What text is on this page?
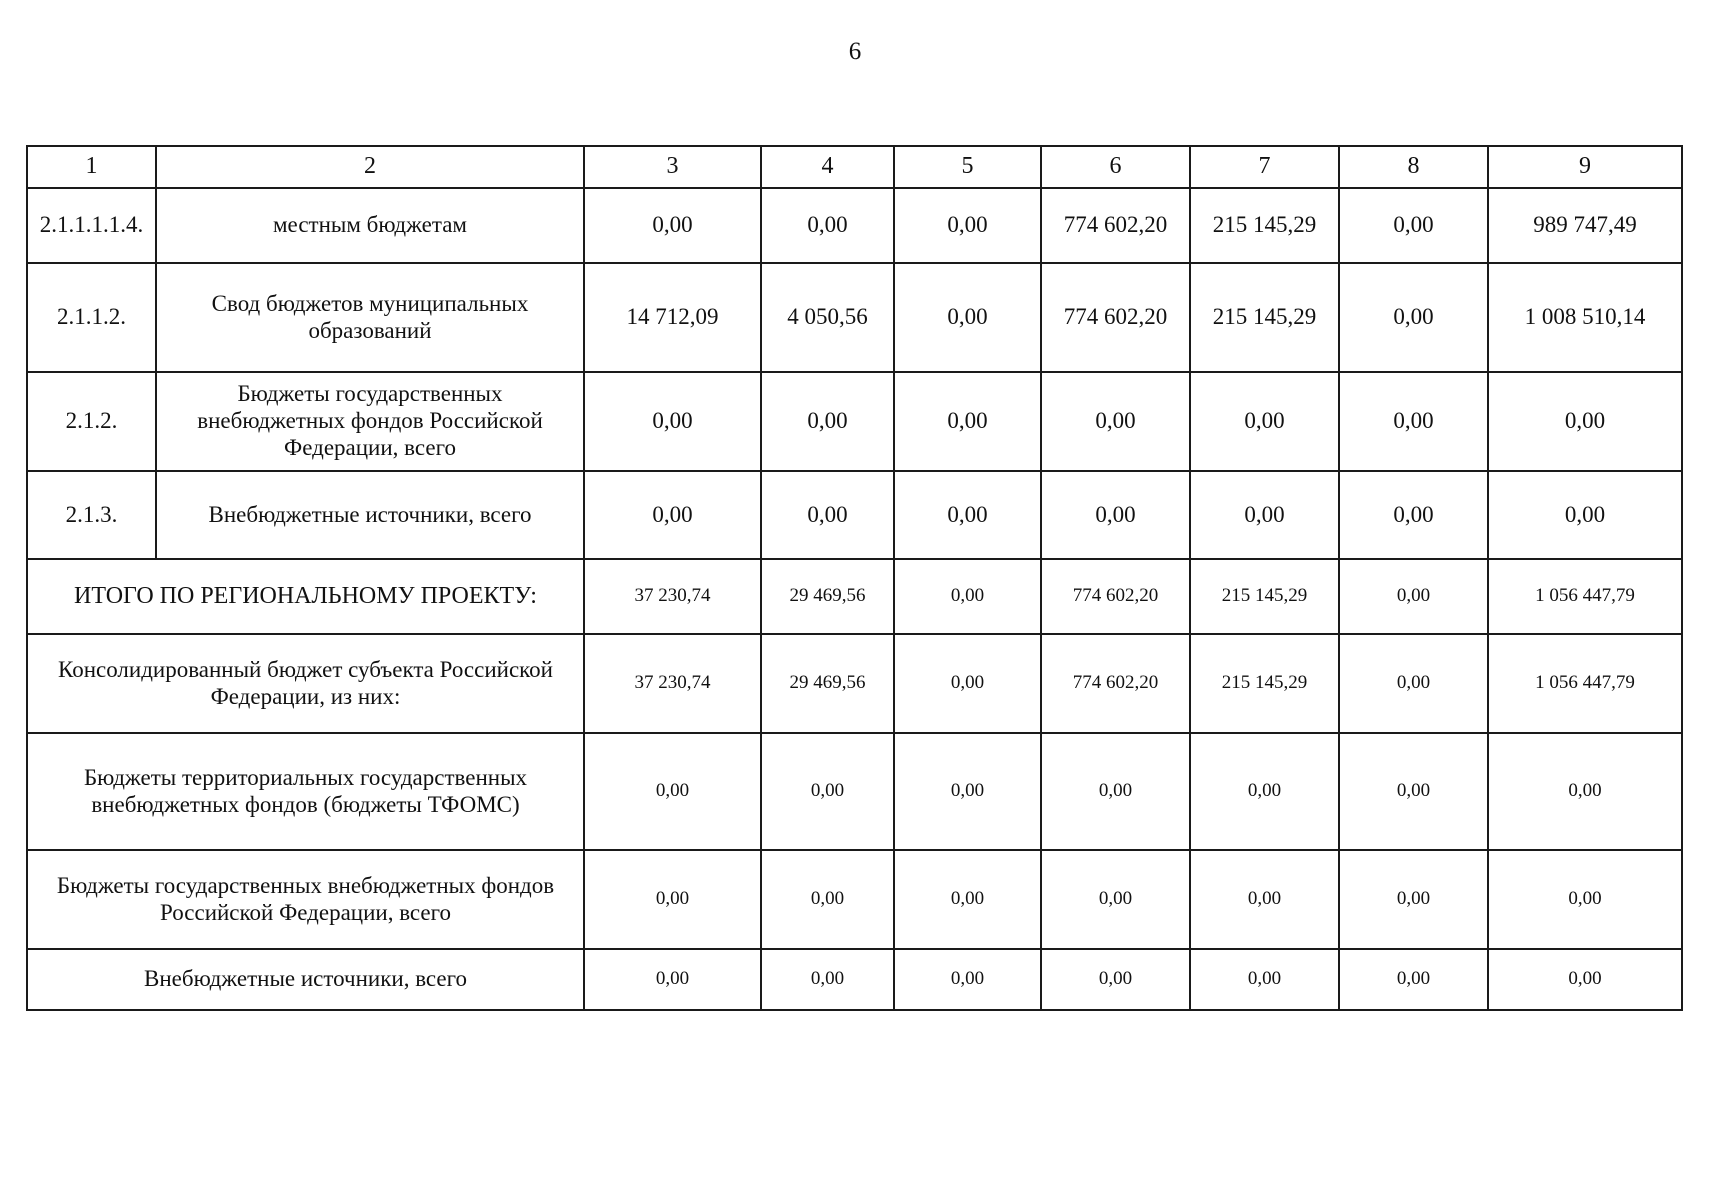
6
1	2	3	4	5	6	7	8	9
2.1.1.1.1.4.	местным бюджетам	0,00	0,00	0,00	774 602,20	215 145,29	0,00	989 747,49
2.1.1.2.	Свод бюджетов муниципальных образований	14 712,09	4 050,56	0,00	774 602,20	215 145,29	0,00	1 008 510,14
2.1.2.	Бюджеты государственных внебюджетных фондов Российской Федерации, всего	0,00	0,00	0,00	0,00	0,00	0,00	0,00
2.1.3.	Внебюджетные источники, всего	0,00	0,00	0,00	0,00	0,00	0,00	0,00
ИТОГО ПО РЕГИОНАЛЬНОМУ ПРОЕКТУ:		37 230,74	29 469,56	0,00	774 602,20	215 145,29	0,00	1 056 447,79
Консолидированный бюджет субъекта Российской Федерации, из них:		37 230,74	29 469,56	0,00	774 602,20	215 145,29	0,00	1 056 447,79
Бюджеты территориальных государственных внебюджетных фондов (бюджеты ТФОМС)		0,00	0,00	0,00	0,00	0,00	0,00	0,00
Бюджеты государственных внебюджетных фондов Российской Федерации, всего		0,00	0,00	0,00	0,00	0,00	0,00	0,00
Внебюджетные источники, всего		0,00	0,00	0,00	0,00	0,00	0,00	0,00
